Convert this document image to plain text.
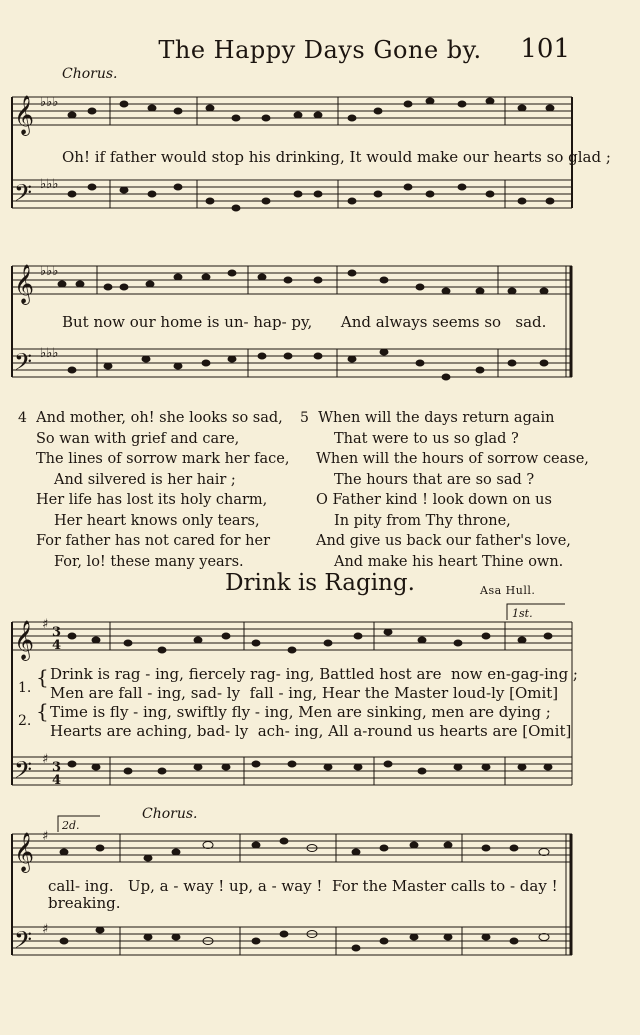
The Happy Days Gone by.	101
Chorus.
𝄞
𝄢
𝄞
𝄢
𝄞
𝄢
𝄞
𝄢
♭♭♭
♭♭♭
♭♭♭
♭♭♭
♯
♯
♯
♯
3
4
3
4
1st.
2d.
Oh! if father would stop his drinking, It would make our hearts so glad ;
But now our home is un- hap- py,      And always seems so   sad.
4 And mother, oh! she looks so sad,
So wan with grief and care,
The lines of sorrow mark her face,
And silvered is her hair ;
Her life has lost its holy charm,
Her heart knows only tears,
For father has not cared for her
For, lo! these many years.
5 When will the days return again
That were to us so glad ?
When will the hours of sorrow cease,
The hours that are so sad ?
O Father kind ! look down on us
In pity from Thy throne,
And give us back our father's love,
And make his heart Thine own.
Drink is Raging.	Asa Hull.
1.
2.
{
{
Drink is rag - ing, fiercely rag- ing, Battled host are  now en-gag-ing ;
Men are fall - ing, sad- ly  fall - ing, Hear the Master loud-ly [Omit]
Time is fly - ing, swiftly fly - ing, Men are sinking, men are dying ;
Hearts are aching, bad- ly  ach- ing, All a-round us hearts are [Omit]
Chorus.
call- ing.   Up, a - way ! up, a - way !  For the Master calls to - day !
breaking.
